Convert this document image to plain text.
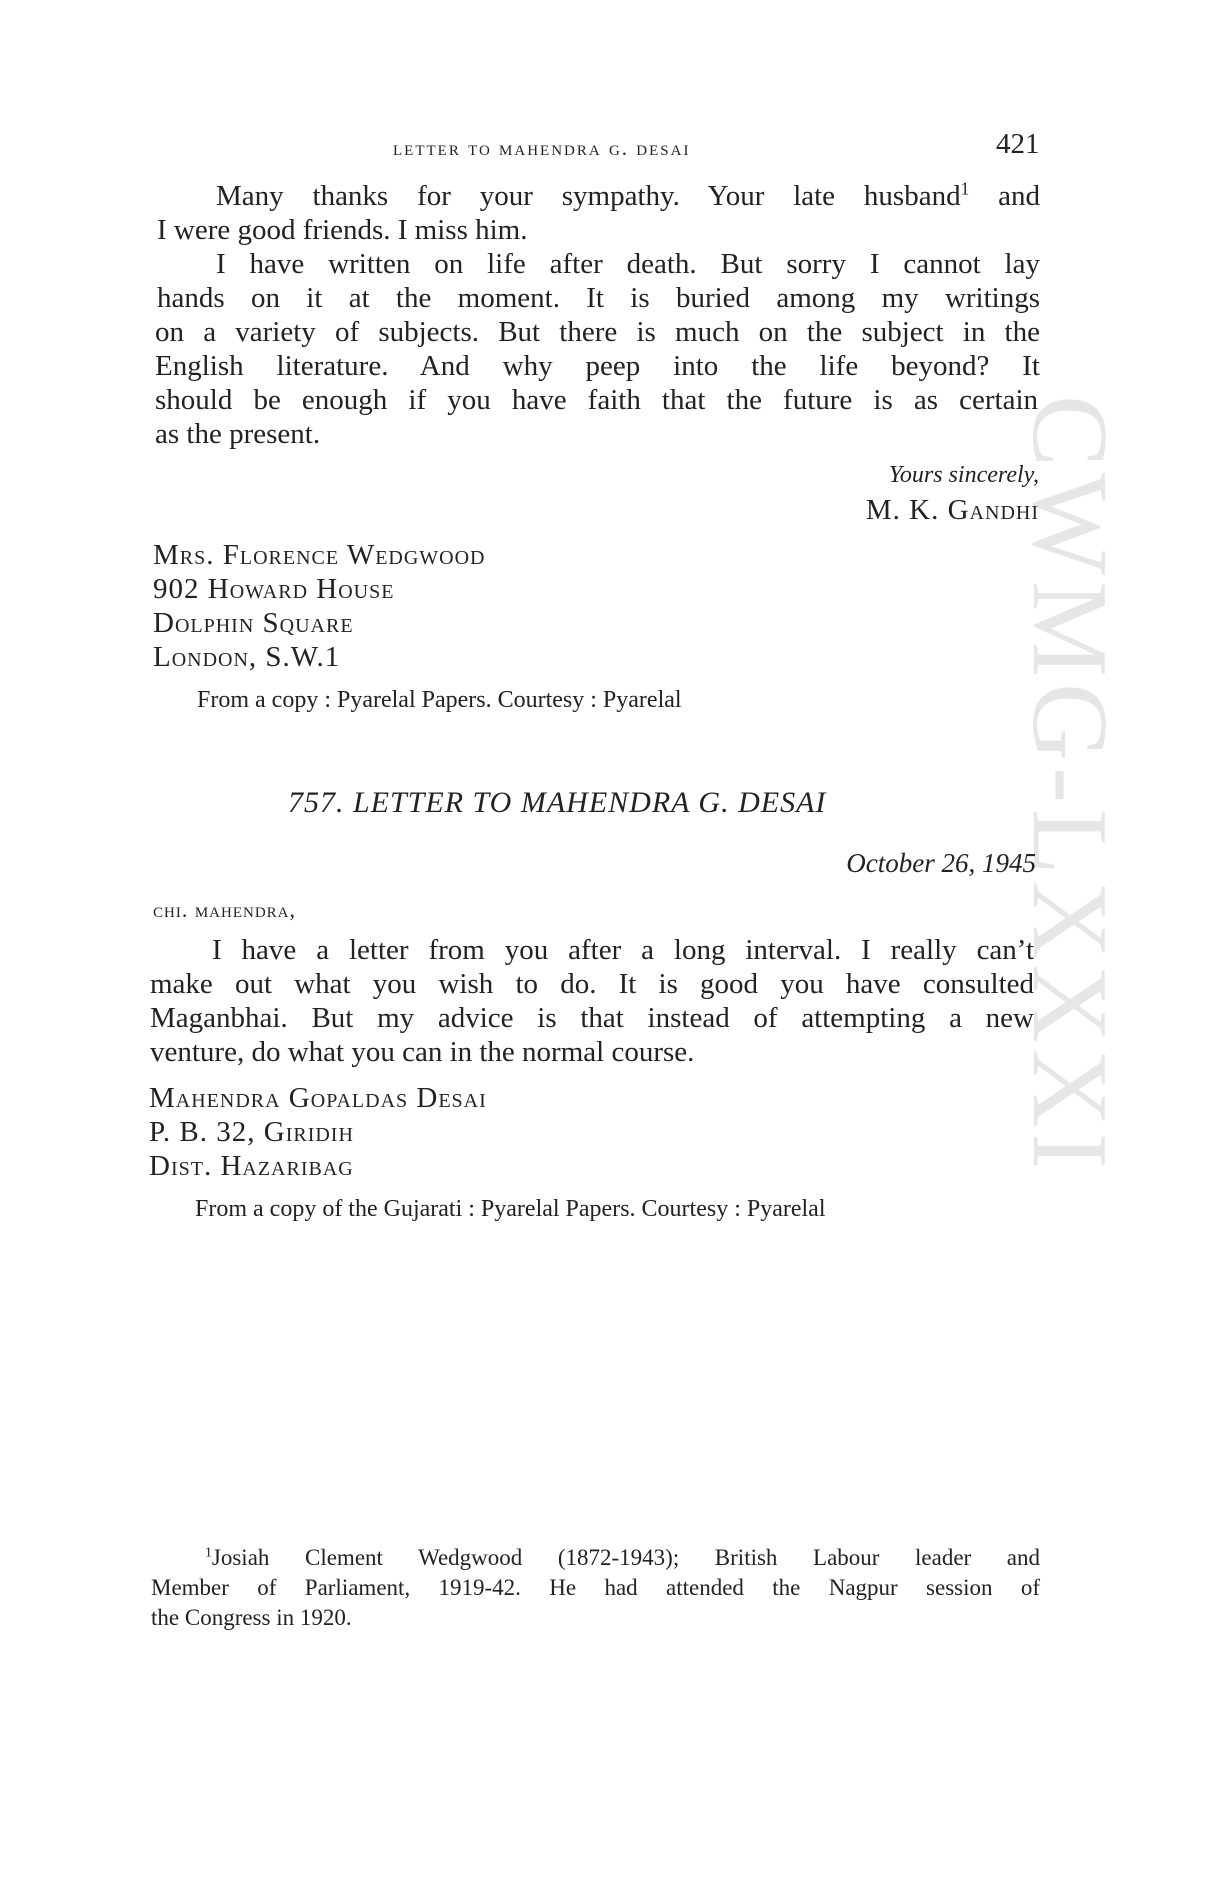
CWMG-LXXXI
letter to mahendra g. desai	421
Many thanks for your sympathy. Your late husband$^1$ and
I were good friends. I miss him.
I have written on life after death. But sorry I cannot lay
hands on it at the moment. It is buried among my writings
on a variety of subjects. But there is much on the subject in the
English literature. And why peep into the life beyond? It
should be enough if you have faith that the future is as certain
as the present.
Yours sincerely,
M. K. Gandhi
Mrs. Florence Wedgwood
902 Howard House
Dolphin Square
London, S.W.1
From a copy : Pyarelal Papers. Courtesy : Pyarelal
757. LETTER TO MAHENDRA G. DESAI
October 26, 1945
chi. mahendra,
I have a letter from you after a long interval. I really can’t
make out what you wish to do. It is good you have consulted
Maganbhai. But my advice is that instead of attempting a new
venture, do what you can in the normal course.
Mahendra Gopaldas Desai
P. B. 32, Giridih
Dist. Hazaribag
From a copy of the Gujarati : Pyarelal Papers. Courtesy : Pyarelal
$^1$Josiah Clement Wedgwood (1872-1943); British Labour leader and
Member of Parliament, 1919-42. He had attended the Nagpur session of
the Congress in 1920.
